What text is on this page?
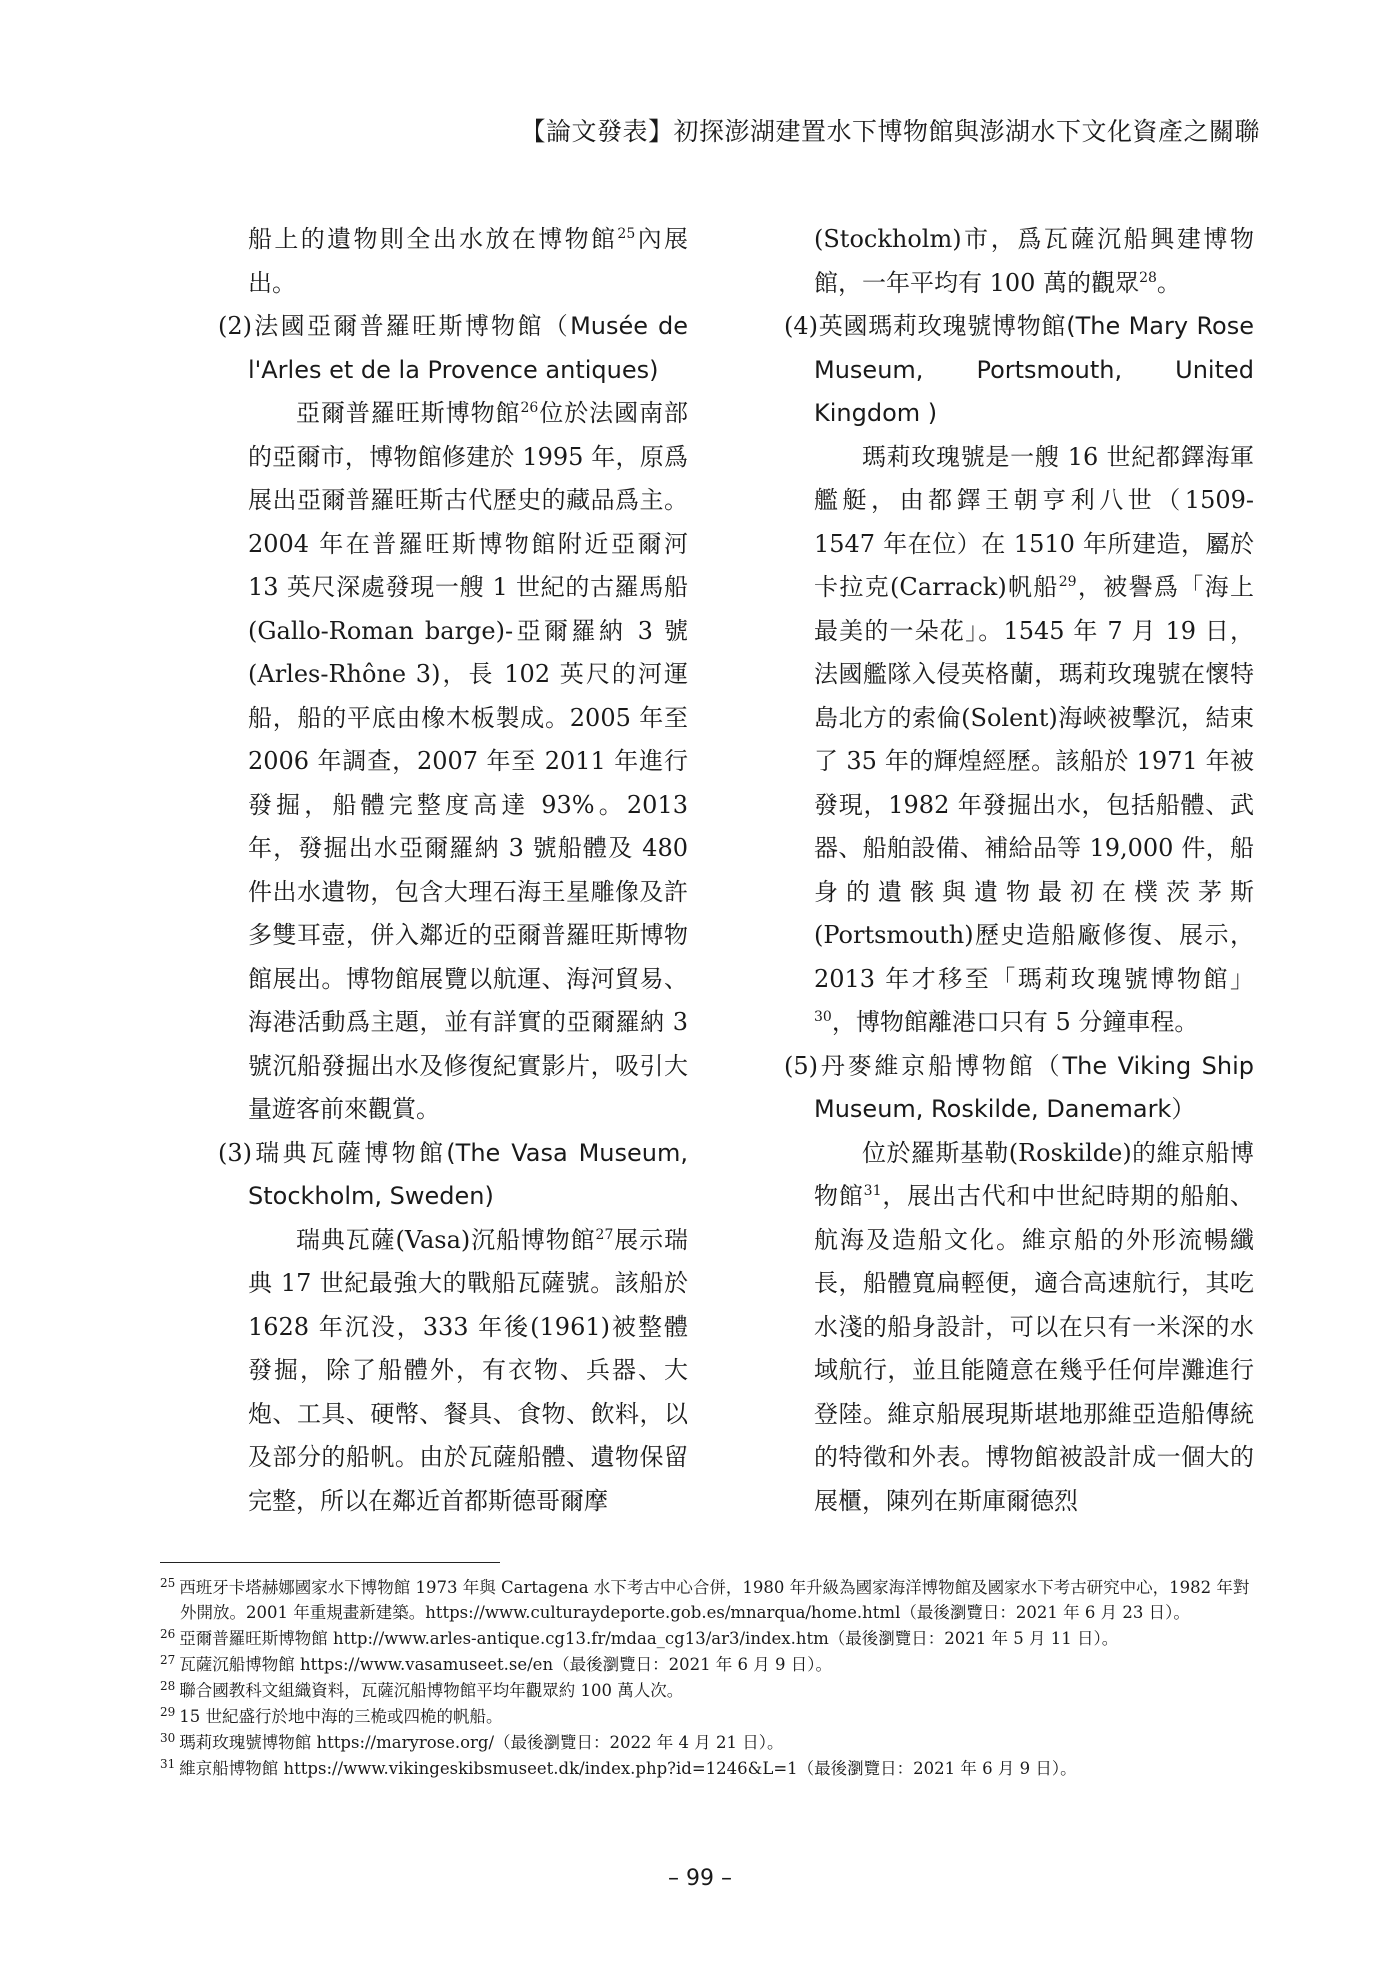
【論文發表】初探澎湖建置水下博物館與澎湖水下文化資產之關聯

船上的遺物則全出水放在博物館$^{25}$內展出。

(2)法國亞爾普羅旺斯博物館（Musée de l'Arles et de la Provence antiques)

亞爾普羅旺斯博物館$^{26}$位於法國南部的亞爾市，博物館修建於 1995 年，原爲展出亞爾普羅旺斯古代歷史的藏品爲主。2004 年在普羅旺斯博物館附近亞爾河 13 英尺深處發現一艘 1 世紀的古羅馬船(Gallo-Roman barge)-亞爾羅納 3 號(Arles-Rhône 3)，長 102 英尺的河運船，船的平底由橡木板製成。2005 年至 2006 年調查，2007 年至 2011 年進行發掘，船體完整度高達 93%。2013 年，發掘出水亞爾羅納 3 號船體及 480 件出水遺物，包含大理石海王星雕像及許多雙耳壺，併入鄰近的亞爾普羅旺斯博物館展出。博物館展覽以航運、海河貿易、海港活動爲主題，並有詳實的亞爾羅納 3 號沉船發掘出水及修復紀實影片，吸引大量遊客前來觀賞。

(3)瑞典瓦薩博物館(The Vasa Museum, Stockholm, Sweden)

瑞典瓦薩(Vasa)沉船博物館$^{27}$展示瑞典 17 世紀最強大的戰船瓦薩號。該船於 1628 年沉没，333 年後(1961)被整體發掘，除了船體外，有衣物、兵器、大炮、工具、硬幣、餐具、食物、飲料，以及部分的船帆。由於瓦薩船體、遺物保留完整，所以在鄰近首都斯德哥爾摩

(Stockholm)市，爲瓦薩沉船興建博物館，一年平均有 100 萬的觀眾$^{28}$。

(4)英國瑪莉玫瑰號博物館(The Mary Rose Museum, Portsmouth, United Kingdom )

瑪莉玫瑰號是一艘 16 世紀都鐸海軍艦艇，由都鐸王朝亨利八世（1509-1547 年在位）在 1510 年所建造，屬於卡拉克(Carrack)帆船$^{29}$，被譽爲「海上最美的一朵花」。1545 年 7 月 19 日，法國艦隊入侵英格蘭，瑪莉玫瑰號在懷特島北方的索倫(Solent)海峽被擊沉，結束了 35 年的輝煌經歷。該船於 1971 年被發現，1982 年發掘出水，包括船體、武器、船舶設備、補給品等 19,000 件，船身的遺骸與遺物最初在樸茨茅斯(Portsmouth)歷史造船廠修復、展示，2013 年才移至「瑪莉玫瑰號博物館」$^{30}$，博物館離港口只有 5 分鐘車程。

(5)丹麥維京船博物館（The Viking Ship Museum, Roskilde, Danemark）

位於羅斯基勒(Roskilde)的維京船博物館$^{31}$，展出古代和中世紀時期的船舶、航海及造船文化。維京船的外形流暢纖長，船體寬扁輕便，適合高速航行，其吃水淺的船身設計，可以在只有一米深的水域航行，並且能隨意在幾乎任何岸灘進行登陸。維京船展現斯堪地那維亞造船傳統的特徵和外表。博物館被設計成一個大的展櫃，陳列在斯庫爾德烈

$^{25}$ 西班牙卡塔赫娜國家水下博物館 1973 年與 Cartagena 水下考古中心合併，1980 年升級為國家海洋博物館及國家水下考古研究中心，1982 年對外開放。2001 年重規畫新建築。https://www.culturaydeporte.gob.es/mnarqua/home.html（最後瀏覽日：2021 年 6 月 23 日）。

$^{26}$ 亞爾普羅旺斯博物館 http://www.arles-antique.cg13.fr/mdaa_cg13/ar3/index.htm（最後瀏覽日：2021 年 5 月 11 日）。

$^{27}$ 瓦薩沉船博物館 https://www.vasamuseet.se/en（最後瀏覽日：2021 年 6 月 9 日）。

$^{28}$ 聯合國教科文組織資料，瓦薩沉船博物館平均年觀眾約 100 萬人次。

$^{29}$ 15 世紀盛行於地中海的三桅或四桅的帆船。

$^{30}$ 瑪莉玫瑰號博物館 https://maryrose.org/（最後瀏覽日：2022 年 4 月 21 日）。

$^{31}$ 維京船博物館 https://www.vikingeskibsmuseet.dk/index.php?id=1246&L=1（最後瀏覽日：2021 年 6 月 9 日）。

– 99 –
